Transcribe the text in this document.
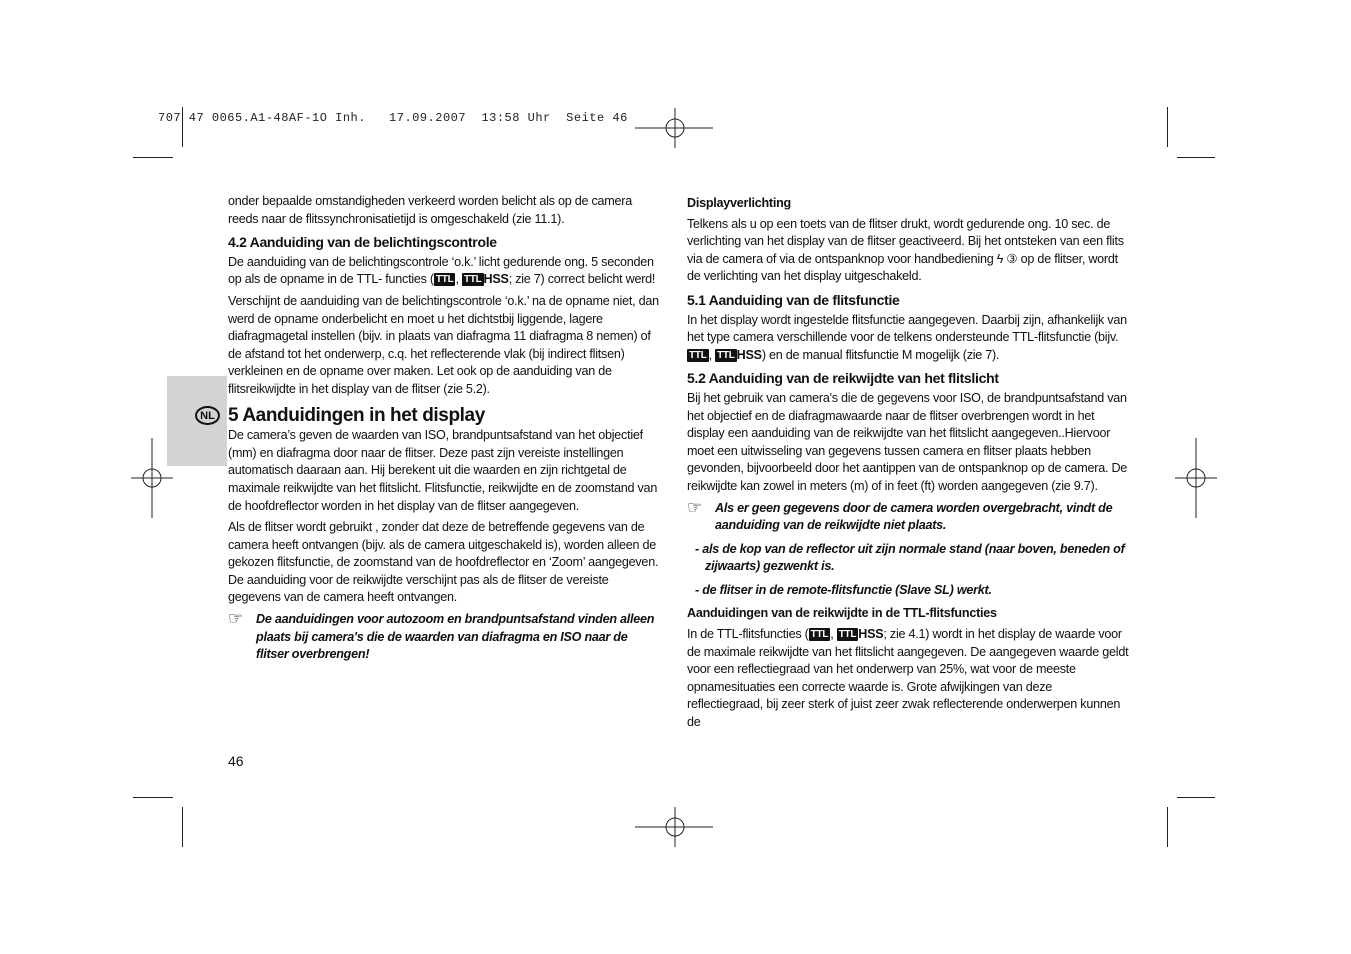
707 47 0065.A1-48AF-1O Inh.   17.09.2007  13:58 Uhr  Seite 46
NL

onder bepaalde omstandigheden verkeerd worden belicht als op de camera reeds naar de flitssynchronisatietijd is omgeschakeld (zie 11.1).

4.2 Aanduiding van de belichtingscontrole

De aanduiding van de belichtingscontrole ‘o.k.’ licht gedurende ong. 5 seconden op als de opname in de TTL- functies ( TTL , TTL HSS; zie 7) correct belicht werd!

Verschijnt de aanduiding van de belichtingscontrole ‘o.k.’ na de opname niet, dan werd de opname onderbelicht en moet u het dichtstbij liggende, lagere diafragmagetal instellen (bijv. in plaats van diafragma 11 diafragma 8 nemen) of de afstand tot het onderwerp, c.q. het reflecterende vlak (bij indirect flitsen) verkleinen en de opname over maken. Let ook op de aanduiding van de flitsreikwijdte in het display van de flitser (zie 5.2).

5 Aanduidingen in het display

De camera’s geven de waarden van ISO, brandpuntsafstand van het objectief (mm) en diafragma door naar de flitser. Deze past zijn vereiste instellingen automatisch daaraan aan. Hij berekent uit die waarden en zijn richtgetal de maximale reikwijdte van het flitslicht. Flitsfunctie, reikwijdte en de zoomstand van de hoofdreflector worden in het display van de flitser aangegeven.

Als de flitser wordt gebruikt , zonder dat deze de betreffende gegevens van de camera heeft ontvangen (bijv. als de camera uitgeschakeld is), worden alleen de gekozen flitsfunctie, de zoomstand van de hoofdreflector en ‘Zoom’ aangegeven. De aanduiding voor de reikwijdte verschijnt pas als de flitser de vereiste gegevens van de camera heeft ontvangen.

☞ De aanduidingen voor autozoom en brandpuntsafstand vinden alleen plaats bij camera's die de waarden van diafragma en ISO naar de flitser overbrengen!
46
Displayverlichting

Telkens als u op een toets van de flitser drukt, wordt gedurende ong. 10 sec. de verlichting van het display van de flitser geactiveerd. Bij het ontsteken van een flits via de camera of via de ontspanknop voor handbediening ϟ ③ op de flitser, wordt de verlichting van het display uitgeschakeld.

5.1 Aanduiding van de flitsfunctie

In het display wordt ingestelde flitsfunctie aangegeven. Daarbij zijn, afhankelijk van het type camera verschillende voor de telkens ondersteunde TTL-flitsfunctie (bijv. TTL , TTL HSS) en de manual flitsfunctie M mogelijk (zie 7).

5.2 Aanduiding van de reikwijdte van het flitslicht

Bij het gebruik van camera's die de gegevens voor ISO, de brandpuntsafstand van het objectief en de diafragmawaarde naar de flitser overbrengen wordt in het display een aanduiding van de reikwijdte van het flitslicht aangegeven..Hiervoor moet een uitwisseling van gegevens tussen camera en flitser plaats hebben gevonden, bijvoorbeeld door het aantippen van de ontspanknop op de camera. De reikwijdte kan zowel in meters (m) of in feet (ft) worden aangegeven (zie 9.7).

☞ Als er geen gegevens door de camera worden overgebracht, vindt de aanduiding van de reikwijdte niet plaats.
- als de kop van de reflector uit zijn normale stand (naar boven, beneden of zijwaarts) gezwenkt is.
- de flitser in de remote-flitsfunctie (Slave SL) werkt.
Aanduidingen van de reikwijdte in de TTL-flitsfuncties

In de TTL-flitsfuncties ( TTL , TTL HSS; zie 4.1) wordt in het display de waarde voor de maximale reikwijdte van het flitslicht aangegeven. De aangegeven waarde geldt voor een reflectiegraad van het onderwerp van 25%, wat voor de meeste opnamesituaties een correcte waarde is. Grote afwijkingen van deze reflectiegraad, bij zeer sterk of juist zeer zwak reflecterende onderwerpen kunnen de
